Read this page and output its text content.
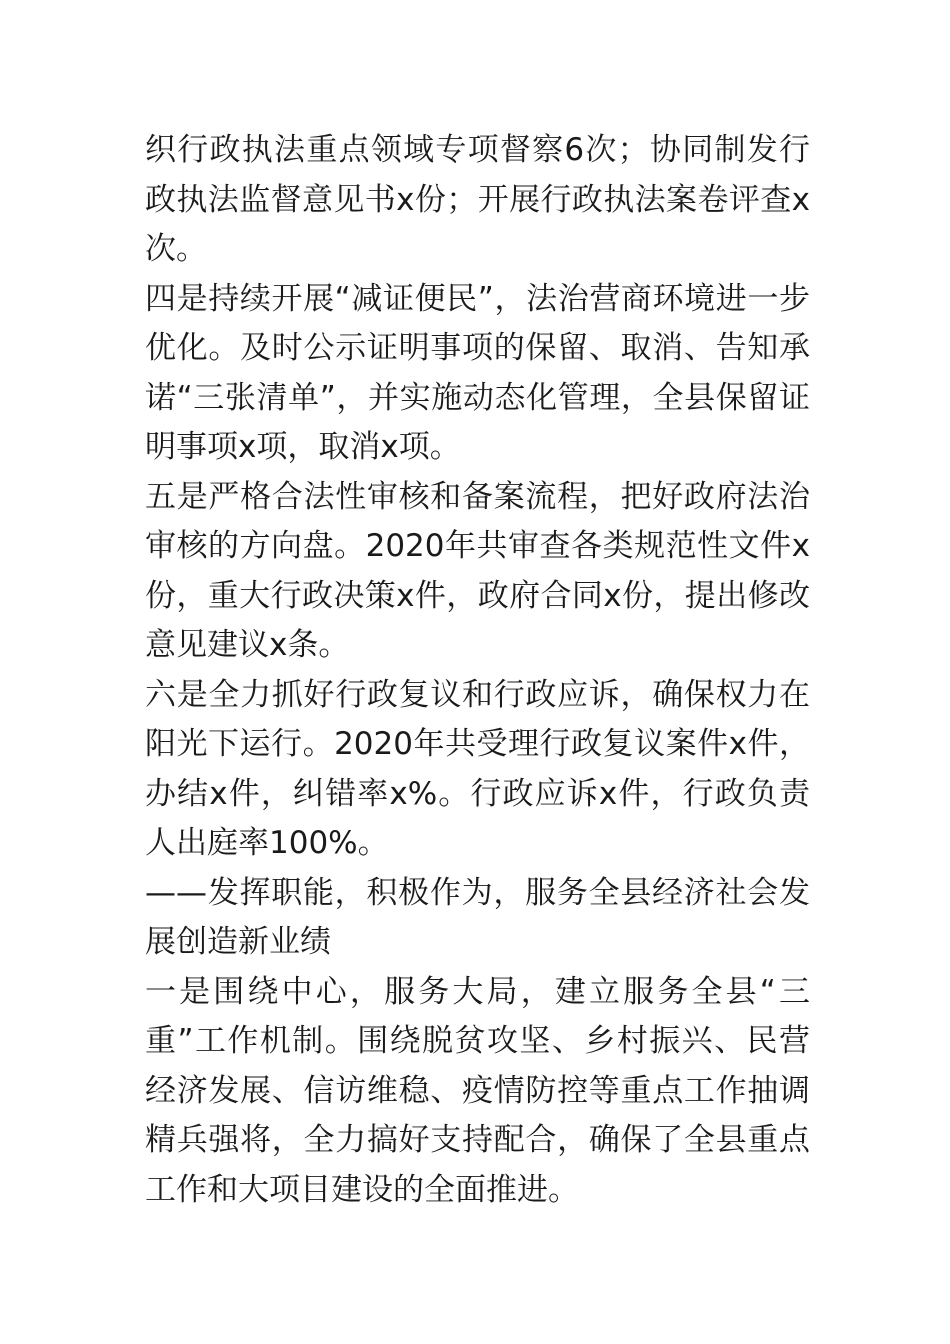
织行政执法重点领域专项督察6次；协同制发行政执法监督意见书x份；开展行政执法案卷评查x次。

四是持续开展“减证便民”，法治营商环境进一步优化。及时公示证明事项的保留、取消、告知承诺“三张清单”，并实施动态化管理，全县保留证明事项x项，取消x项。

五是严格合法性审核和备案流程，把好政府法治审核的方向盘。2020年共审查各类规范性文件x份，重大行政决策x件，政府合同x份，提出修改意见建议x条。

六是全力抓好行政复议和行政应诉，确保权力在阳光下运行。2020年共受理行政复议案件x件，办结x件，纠错率x%。行政应诉x件，行政负责人出庭率100%。

——发挥职能，积极作为，服务全县经济社会发展创造新业绩

一是围绕中心，服务大局，建立服务全县“三重”工作机制。围绕脱贫攻坚、乡村振兴、民营经济发展、信访维稳、疫情防控等重点工作抽调精兵强将，全力搞好支持配合，确保了全县重点工作和大项目建设的全面推进。
